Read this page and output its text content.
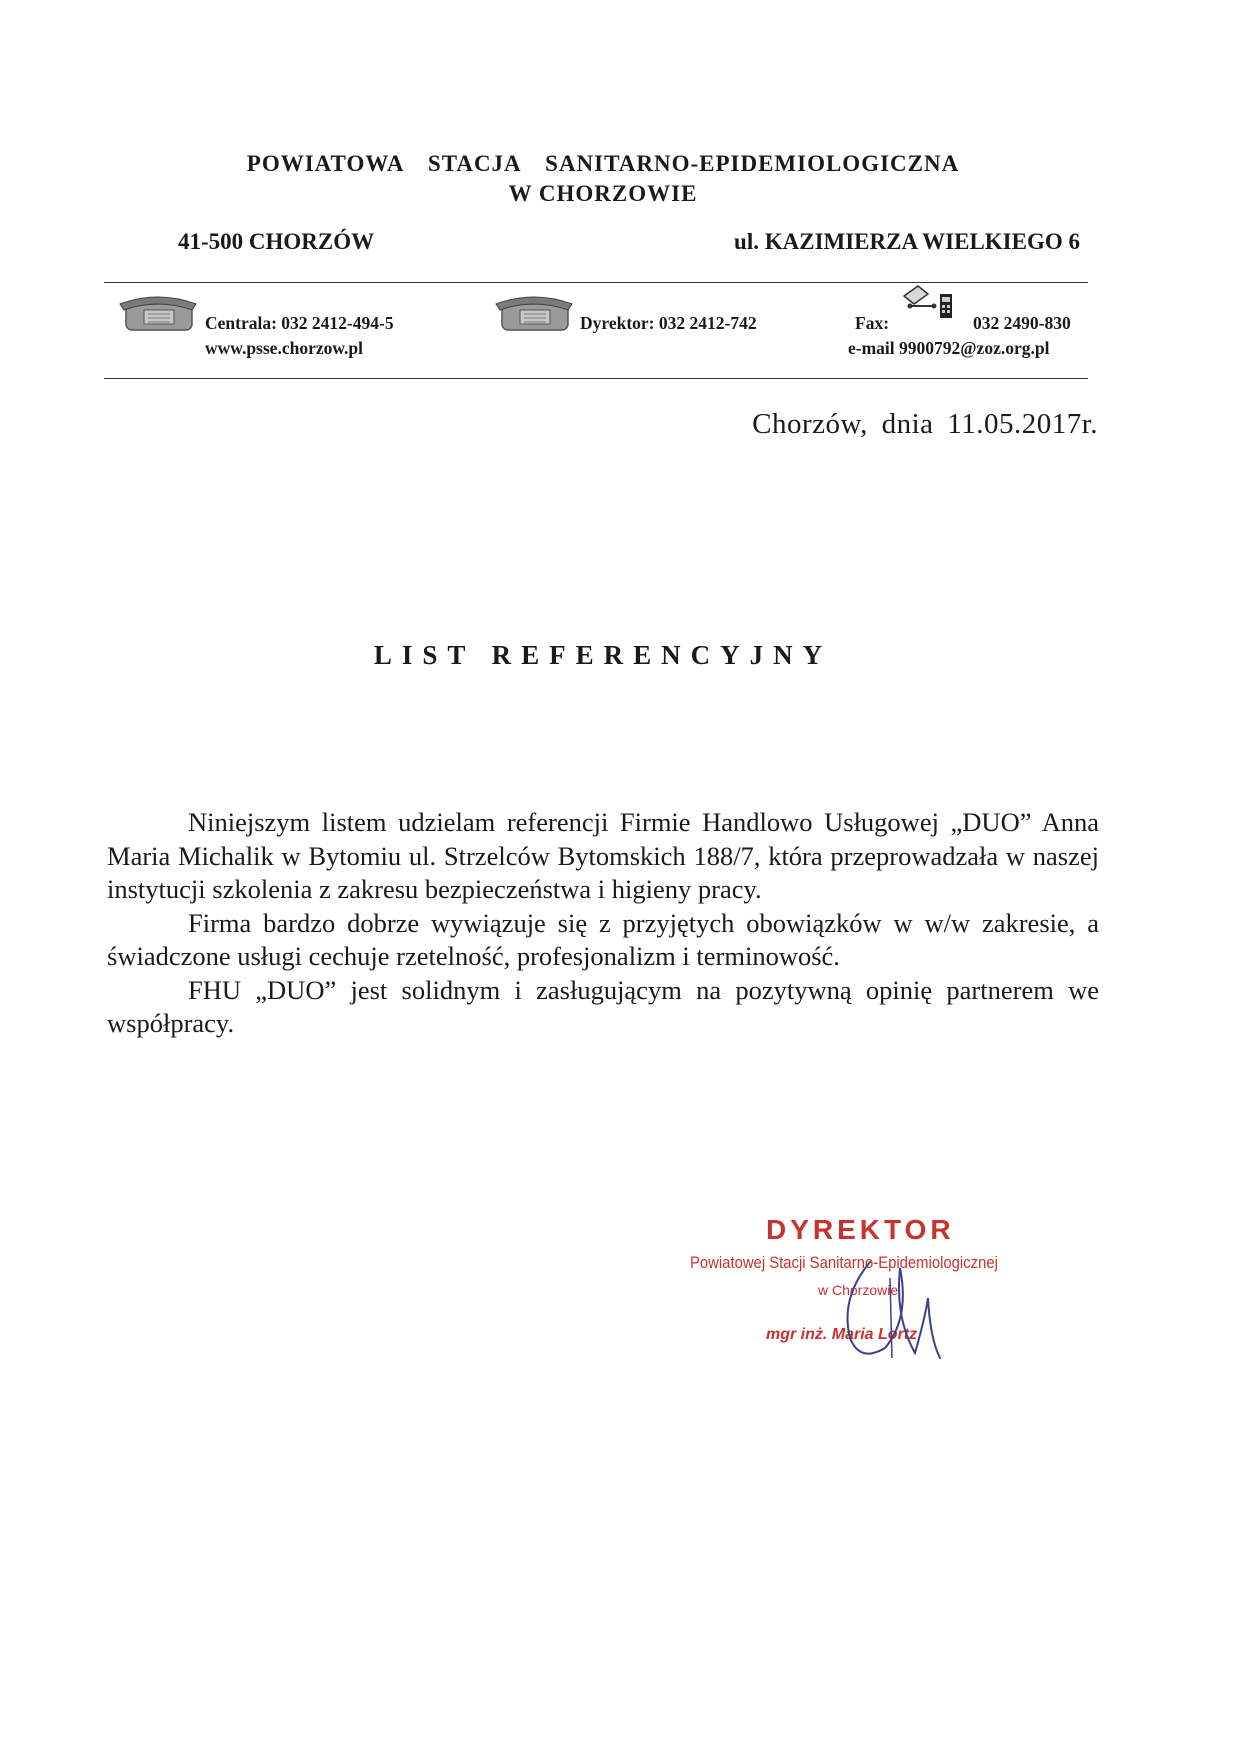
POWIATOWA STACJA SANITARNO-EPIDEMIOLOGICZNA
W CHORZOWIE
41-500 CHORZÓW	ul. KAZIMIERZA WIELKIEGO 6
Centrala: 032 2412-494-5
www.psse.chorzow.pl
Dyrektor: 032 2412-742	Fax:	032 2490-830
e-mail 9900792@zoz.org.pl
Chorzów, dnia 11.05.2017r.
LIST REFERENCYJNY

Niniejszym listem udzielam referencji Firmie Handlowo Usługowej „DUO” Anna Maria Michalik w Bytomiu ul. Strzelców Bytomskich 188/7, która przeprowadzała w naszej instytucji szkolenia z zakresu bezpieczeństwa i higieny pracy.

Firma bardzo dobrze wywiązuje się z przyjętych obowiązków w w/w zakresie, a świadczone usługi cechuje rzetelność, profesjonalizm i terminowość.

FHU „DUO” jest solidnym i zasługującym na pozytywną opinię partnerem we współpracy.

DYREKTOR
Powiatowej Stacji Sanitarno-Epidemiologicznej
w Chorzowie
mgr inż. Maria Lortz
